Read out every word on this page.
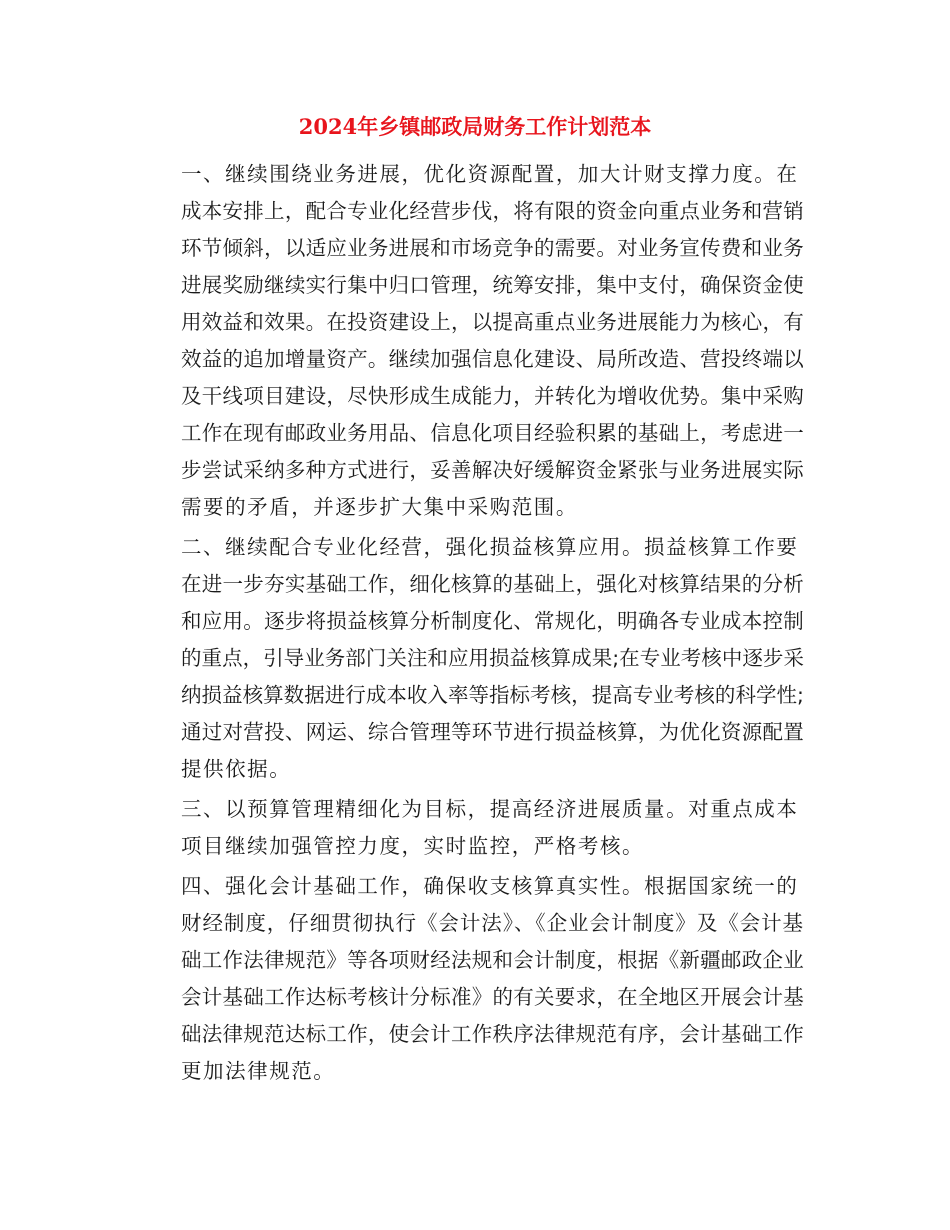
2024年乡镇邮政局财务工作计划范本

一、继续围绕业务进展，优化资源配置，加大计财支撑力度。在
成本安排上，配合专业化经营步伐，将有限的资金向重点业务和营销
环节倾斜，以适应业务进展和市场竞争的需要。对业务宣传费和业务
进展奖励继续实行集中归口管理，统筹安排，集中支付，确保资金使
用效益和效果。在投资建设上，以提高重点业务进展能力为核心，有
效益的追加增量资产。继续加强信息化建设、局所改造、营投终端以
及干线项目建设，尽快形成生成能力，并转化为增收优势。集中采购
工作在现有邮政业务用品、信息化项目经验积累的基础上，考虑进一
步尝试采纳多种方式进行，妥善解决好缓解资金紧张与业务进展实际
需要的矛盾，并逐步扩大集中采购范围。

二、继续配合专业化经营，强化损益核算应用。损益核算工作要
在进一步夯实基础工作，细化核算的基础上，强化对核算结果的分析
和应用。逐步将损益核算分析制度化、常规化，明确各专业成本控制
的重点，引导业务部门关注和应用损益核算成果;在专业考核中逐步采
纳损益核算数据进行成本收入率等指标考核，提高专业考核的科学性;
通过对营投、网运、综合管理等环节进行损益核算，为优化资源配置
提供依据。

三、以预算管理精细化为目标，提高经济进展质量。对重点成本
项目继续加强管控力度，实时监控，严格考核。

四、强化会计基础工作，确保收支核算真实性。根据国家统一的
财经制度，仔细贯彻执行《会计法》、《企业会计制度》及《会计基
础工作法律规范》等各项财经法规和会计制度，根据《新疆邮政企业
会计基础工作达标考核计分标准》的有关要求，在全地区开展会计基
础法律规范达标工作，使会计工作秩序法律规范有序，会计基础工作
更加法律规范。
